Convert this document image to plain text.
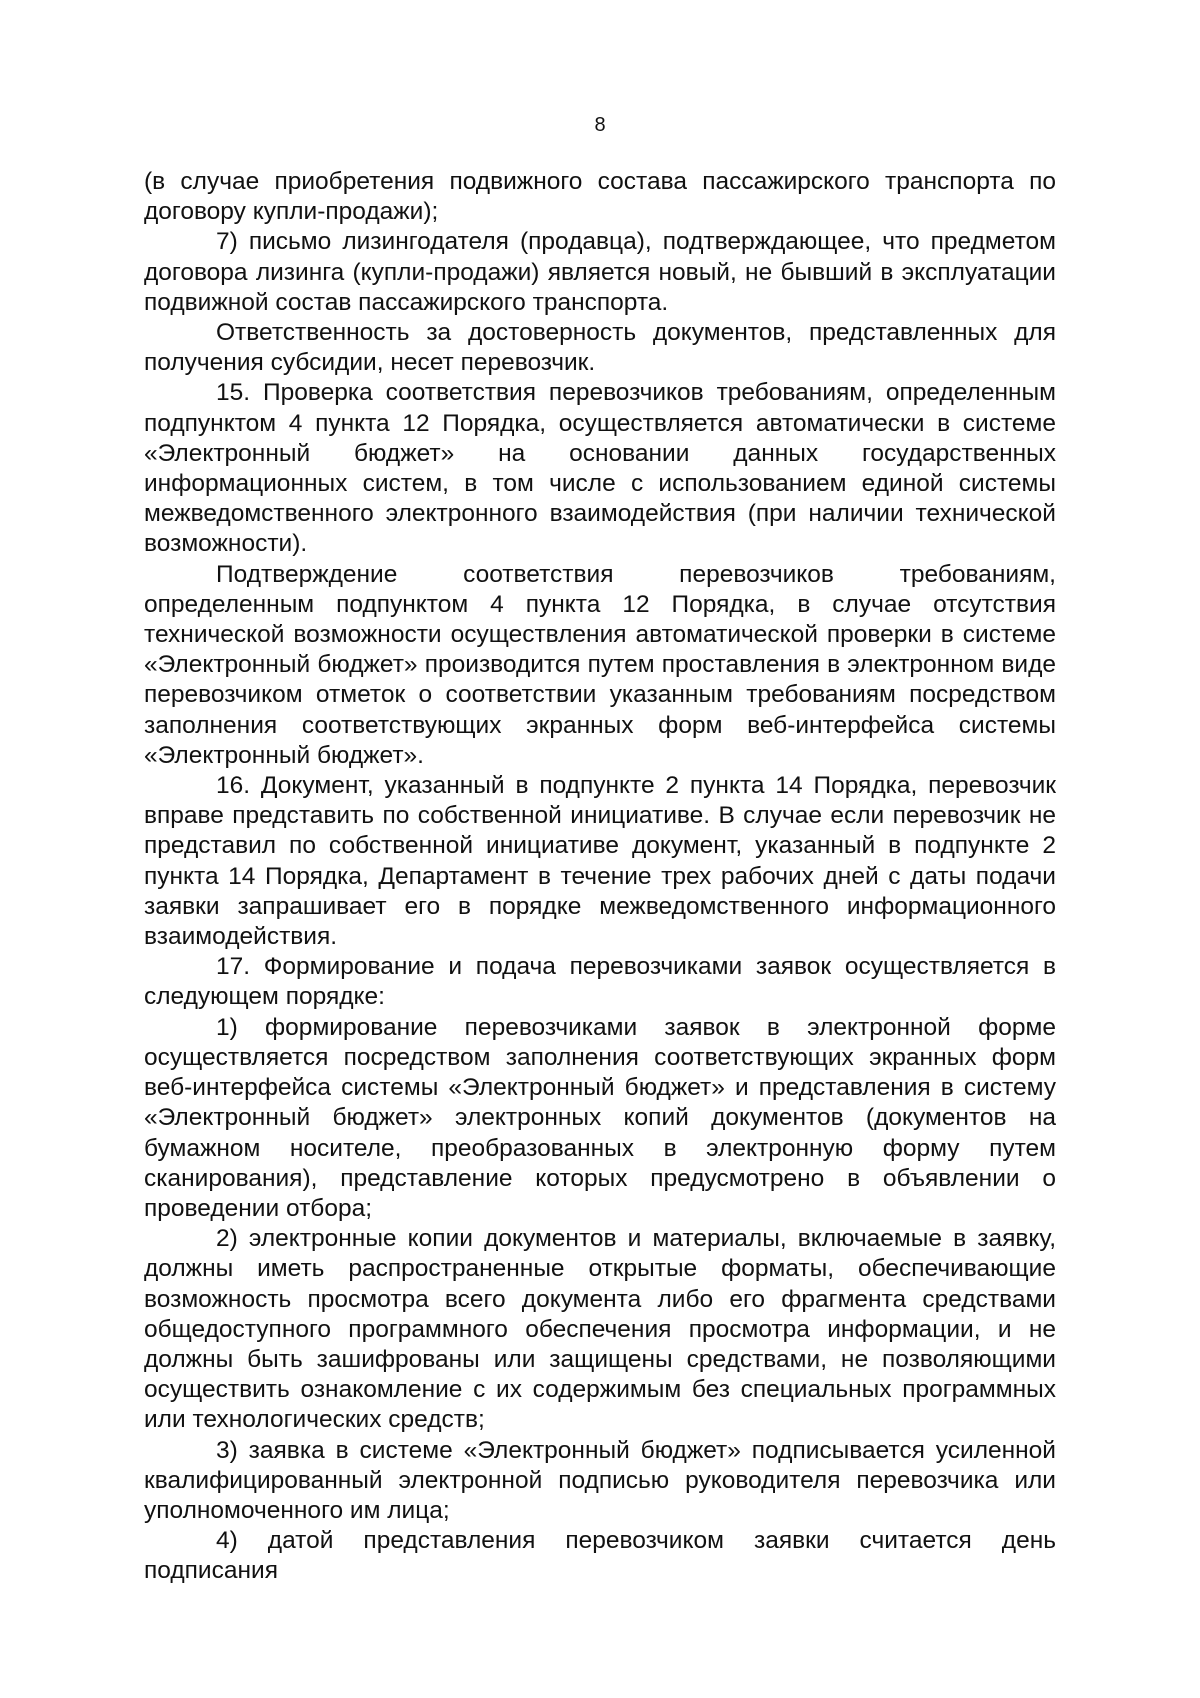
8

(в случае приобретения подвижного состава пассажирского транспорта по договору купли-продажи);

7) письмо лизингодателя (продавца), подтверждающее, что предметом договора лизинга (купли-продажи) является новый, не бывший в эксплуатации подвижной состав пассажирского транспорта.

Ответственность за достоверность документов, представленных для получения субсидии, несет перевозчик.

15. Проверка соответствия перевозчиков требованиям, определенным подпунктом 4 пункта 12 Порядка, осуществляется автоматически в системе «Электронный бюджет» на основании данных государственных информационных систем, в том числе с использованием единой системы межведомственного электронного взаимодействия (при наличии технической возможности).

Подтверждение соответствия перевозчиков требованиям, определенным подпунктом 4 пункта 12 Порядка, в случае отсутствия технической возможности осуществления автоматической проверки в системе «Электронный бюджет» производится путем проставления в электронном виде перевозчиком отметок о соответствии указанным требованиям посредством заполнения соответствующих экранных форм веб-интерфейса системы «Электронный бюджет».

16. Документ, указанный в подпункте 2 пункта 14 Порядка, перевозчик вправе представить по собственной инициативе. В случае если перевозчик не представил по собственной инициативе документ, указанный в подпункте 2 пункта 14 Порядка, Департамент в течение трех рабочих дней с даты подачи заявки запрашивает его в порядке межведомственного информационного взаимодействия.

17. Формирование и подача перевозчиками заявок осуществляется в следующем порядке:

1) формирование перевозчиками заявок в электронной форме осуществляется посредством заполнения соответствующих экранных форм веб-интерфейса системы «Электронный бюджет» и представления в систему «Электронный бюджет» электронных копий документов (документов на бумажном носителе, преобразованных в электронную форму путем сканирования), представление которых предусмотрено в объявлении о проведении отбора;

2) электронные копии документов и материалы, включаемые в заявку, должны иметь распространенные открытые форматы, обеспечивающие возможность просмотра всего документа либо его фрагмента средствами общедоступного программного обеспечения просмотра информации, и не должны быть зашифрованы или защищены средствами, не позволяющими осуществить ознакомление с их содержимым без специальных программных или технологических средств;

3) заявка в системе «Электронный бюджет» подписывается усиленной квалифицированный электронной подписью руководителя перевозчика или уполномоченного им лица;

4) датой представления перевозчиком заявки считается день подписания
